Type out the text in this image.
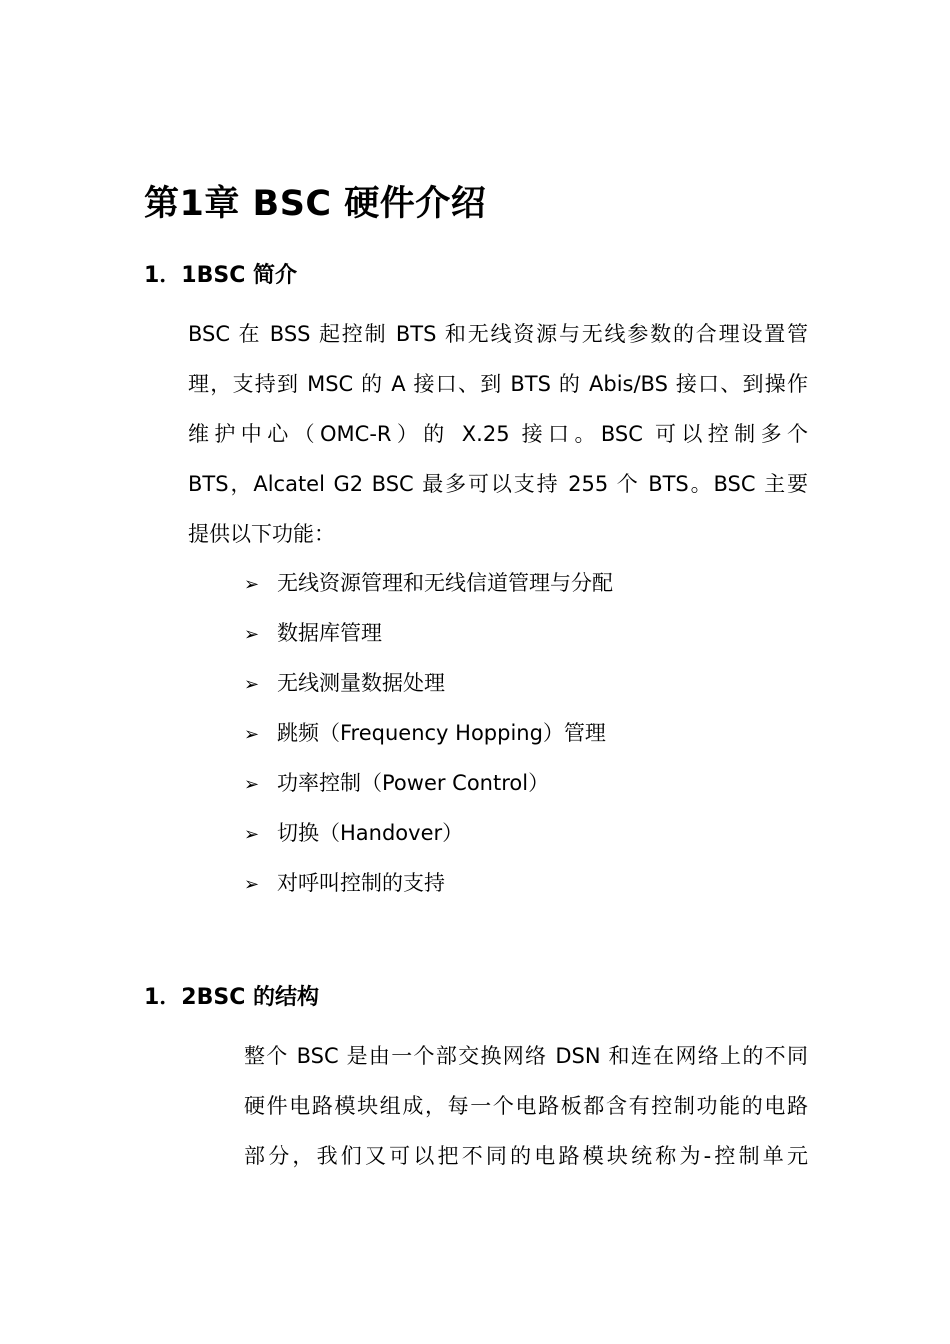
第1章 BSC 硬件介绍
1．1BSC 简介
BSC 在 BSS 起控制 BTS 和无线资源与无线参数的合理设置管
理，支持到 MSC 的 A 接口、到 BTS 的 Abis/BS 接口、到操作
维护中心（OMC-R）的 X.25 接口。BSC 可以控制多个
BTS，Alcatel G2 BSC 最多可以支持 255 个 BTS。BSC 主要
提供以下功能：
➢ 无线资源管理和无线信道管理与分配
➢ 数据库管理
➢ 无线测量数据处理
➢ 跳频（Frequency Hopping）管理
➢ 功率控制（Power Control）
➢ 切换（Handover）
➢ 对呼叫控制的支持
1．2BSC 的结构
整个 BSC 是由一个部交换网络 DSN 和连在网络上的不同
硬件电路模块组成，每一个电路板都含有控制功能的电路
部分，我们又可以把不同的电路模块统称为-控制单元
